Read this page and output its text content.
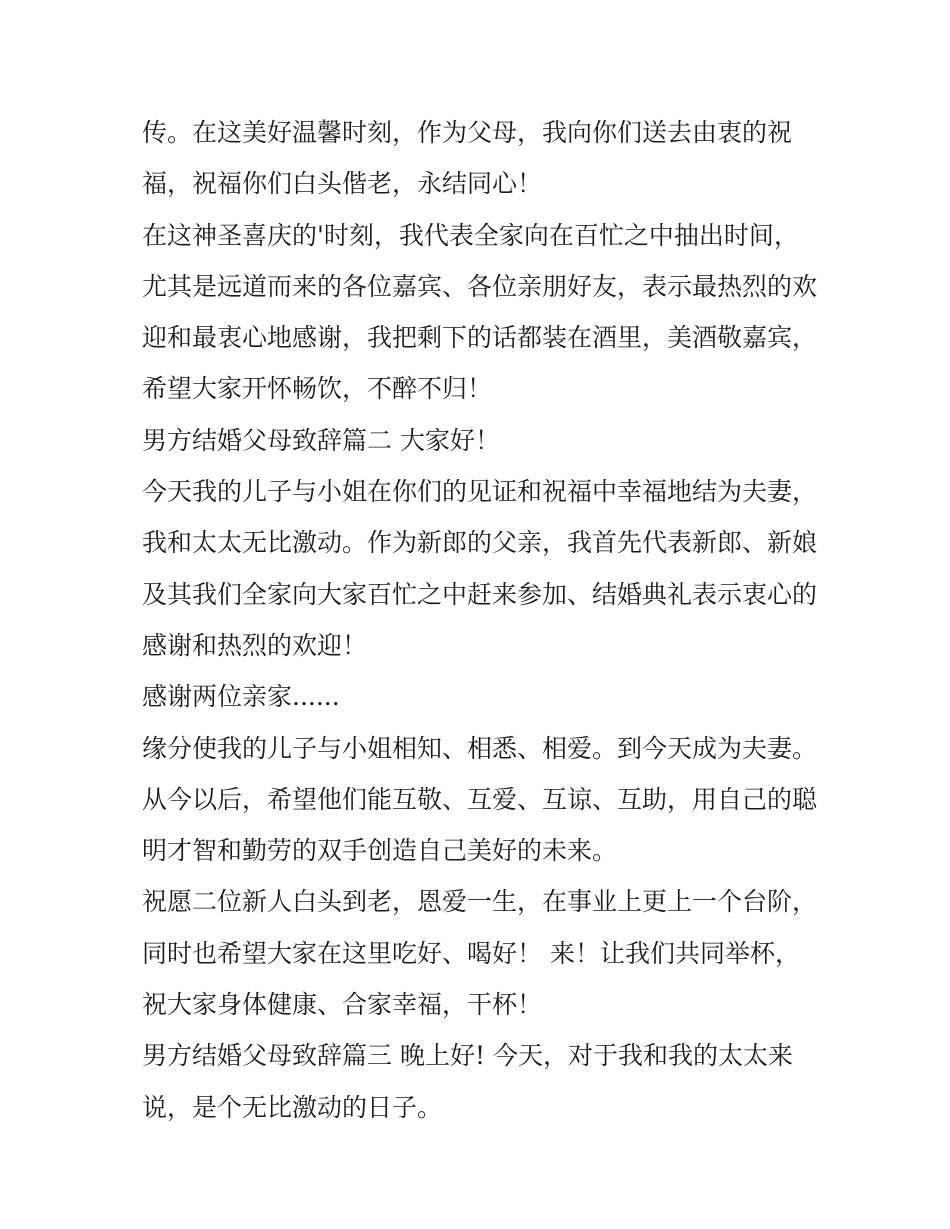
传。在这美好温馨时刻，作为父母，我向你们送去由衷的祝
福，祝福你们白头偕老，永结同心！
在这神圣喜庆的'时刻，我代表全家向在百忙之中抽出时间，
尤其是远道而来的各位嘉宾、各位亲朋好友，表示最热烈的欢
迎和最衷心地感谢，我把剩下的话都装在酒里，美酒敬嘉宾，
希望大家开怀畅饮，不醉不归！
男方结婚父母致辞篇二 大家好！
今天我的儿子与小姐在你们的见证和祝福中幸福地结为夫妻，
我和太太无比激动。作为新郎的父亲，我首先代表新郎、新娘
及其我们全家向大家百忙之中赶来参加、结婚典礼表示衷心的
感谢和热烈的欢迎！
感谢两位亲家......
缘分使我的儿子与小姐相知、相悉、相爱。到今天成为夫妻。
从今以后，希望他们能互敬、互爱、互谅、互助，用自己的聪
明才智和勤劳的双手创造自己美好的未来。
祝愿二位新人白头到老，恩爱一生，在事业上更上一个台阶，
同时也希望大家在这里吃好、喝好！ 来！让我们共同举杯，
祝大家身体健康、合家幸福，干杯！
男方结婚父母致辞篇三 晚上好! 今天，对于我和我的太太来
说，是个无比激动的日子。
